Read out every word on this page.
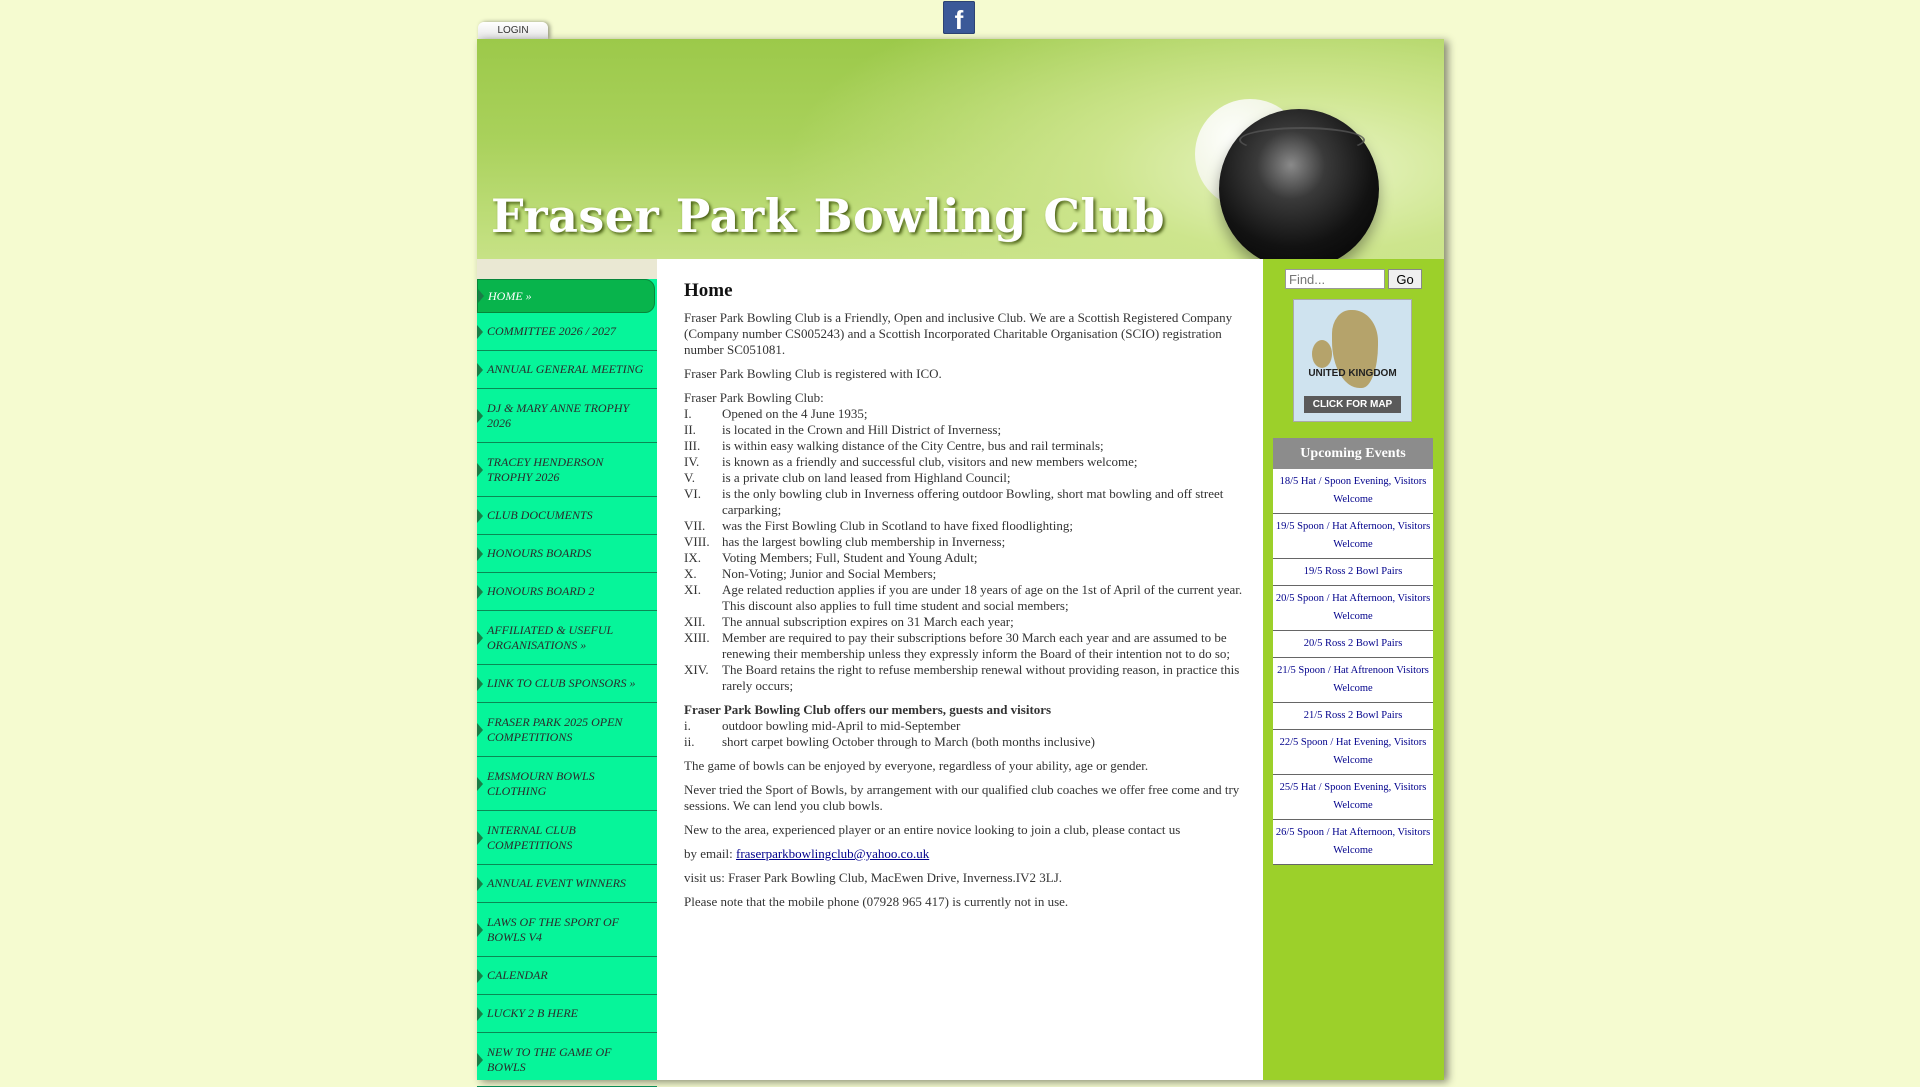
f
LOGIN
Fraser Park Bowling Club
HOME »
COMMITTEE 2026 / 2027
ANNUAL GENERAL MEETING
DJ & MARY ANNE TROPHY 2026
TRACEY HENDERSON TROPHY 2026
CLUB DOCUMENTS
HONOURS BOARDS
HONOURS BOARD 2
AFFILIATED & USEFUL ORGANISATIONS »
LINK TO CLUB SPONSORS »
FRASER PARK 2025 OPEN COMPETITIONS
EMSMOURN BOWLS CLOTHING
INTERNAL CLUB COMPETITIONS
ANNUAL EVENT WINNERS
LAWS OF THE SPORT OF BOWLS V4
CALENDAR
LUCKY 2 B HERE
NEW TO THE GAME OF BOWLS
Home

Fraser Park Bowling Club is a Friendly, Open and inclusive Club. We are a Scottish Registered Company (Company number CS005243) and a Scottish Incorporated Charitable Organisation (SCIO) registration number SC051081.

Fraser Park Bowling Club is registered with ICO.

Fraser Park Bowling Club:
I.	Opened on the 4 June 1935;
II.	is located in the Crown and Hill District of Inverness;
III.	is within easy walking distance of the City Centre, bus and rail terminals;
IV.	is known as a friendly and successful club, visitors and new members welcome;
V.	is a private club on land leased from Highland Council;
VI.	is the only bowling club in Inverness offering outdoor Bowling, short mat bowling and off street carparking;
VII.	was the First Bowling Club in Scotland to have fixed floodlighting;
VIII. has the largest bowling club membership in Inverness;
IX.	Voting Members; Full, Student and Young Adult;
X.	Non-Voting; Junior and Social Members;
XI.	Age related reduction applies if you are under 18 years of age on the 1st of April of the current year. This discount also applies to full time student and social members;
XII.	The annual subscription expires on 31 March each year;
XIII. Member are required to pay their subscriptions before 30 March each year and are assumed to be renewing their membership unless they expressly inform the Board of their intention not to do so;
XIV.	The Board retains the right to refuse membership renewal without providing reason, in practice this rarely occurs;
Fraser Park Bowling Club offers our members, guests and visitors
i.	outdoor bowling mid-April to mid-September
ii.	short carpet bowling October through to March (both months inclusive)

The game of bowls can be enjoyed by everyone, regardless of your ability, age or gender.

Never tried the Sport of Bowls, by arrangement with our qualified club coaches we offer free come and try sessions. We can lend you club bowls.

New to the area, experienced player or an entire novice looking to join a club, please contact us

by email: fraserparkbowlingclub@yahoo.co.uk

visit us: Fraser Park Bowling Club, MacEwen Drive, Inverness.IV2 3LJ.

Please note that the mobile phone (07928 965 417) is currently not in use.

Find...
Go
UNITED KINGDOM
CLICK FOR MAP
Upcoming Events
18/5 Hat / Spoon Evening, Visitors Welcome
19/5 Spoon / Hat Afternoon, Visitors Welcome
19/5 Ross 2 Bowl Pairs
20/5 Spoon / Hat Afternoon, Visitors Welcome
20/5 Ross 2 Bowl Pairs
21/5 Spoon / Hat Aftrenoon Visitors Welcome
21/5 Ross 2 Bowl Pairs
22/5 Spoon / Hat Evening, Visitors Welcome
25/5 Hat / Spoon Evening, Visitors Welcome
26/5 Spoon / Hat Afternoon, Visitors Welcome
